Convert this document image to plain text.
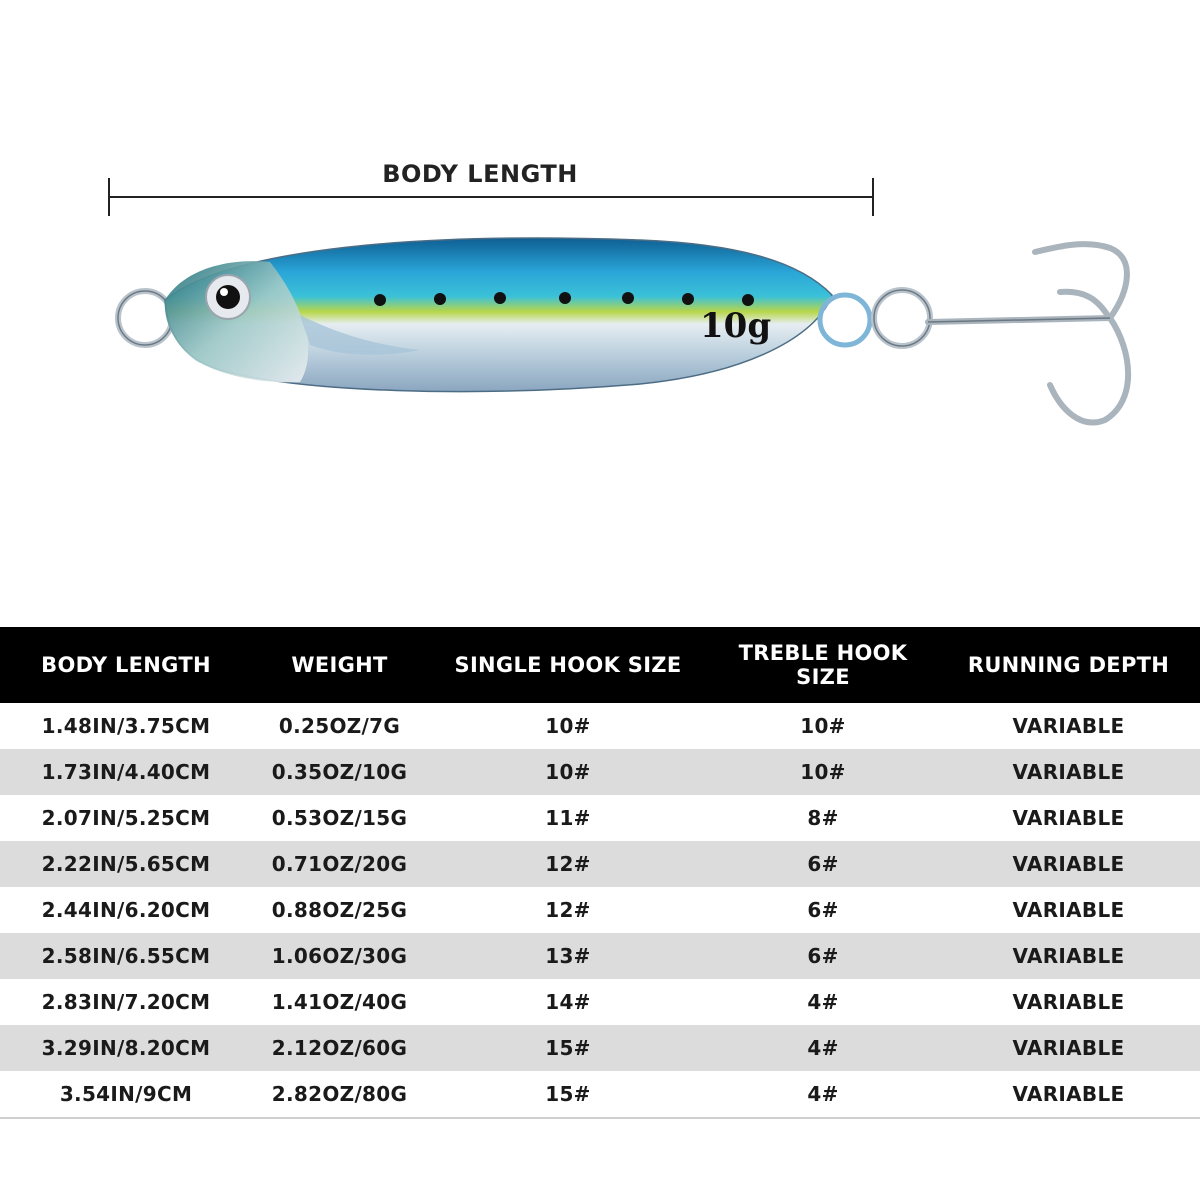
BODY LENGTH
10g
BODY LENGTH	WEIGHT	SINGLE HOOK SIZE	TREBLE HOOK SIZE	RUNNING DEPTH
1.48IN/3.75CM	0.25OZ/7G	10#	10#	VARIABLE
1.73IN/4.40CM	0.35OZ/10G	10#	10#	VARIABLE
2.07IN/5.25CM	0.53OZ/15G	11#	8#	VARIABLE
2.22IN/5.65CM	0.71OZ/20G	12#	6#	VARIABLE
2.44IN/6.20CM	0.88OZ/25G	12#	6#	VARIABLE
2.58IN/6.55CM	1.06OZ/30G	13#	6#	VARIABLE
2.83IN/7.20CM	1.41OZ/40G	14#	4#	VARIABLE
3.29IN/8.20CM	2.12OZ/60G	15#	4#	VARIABLE
3.54IN/9CM	2.82OZ/80G	15#	4#	VARIABLE
